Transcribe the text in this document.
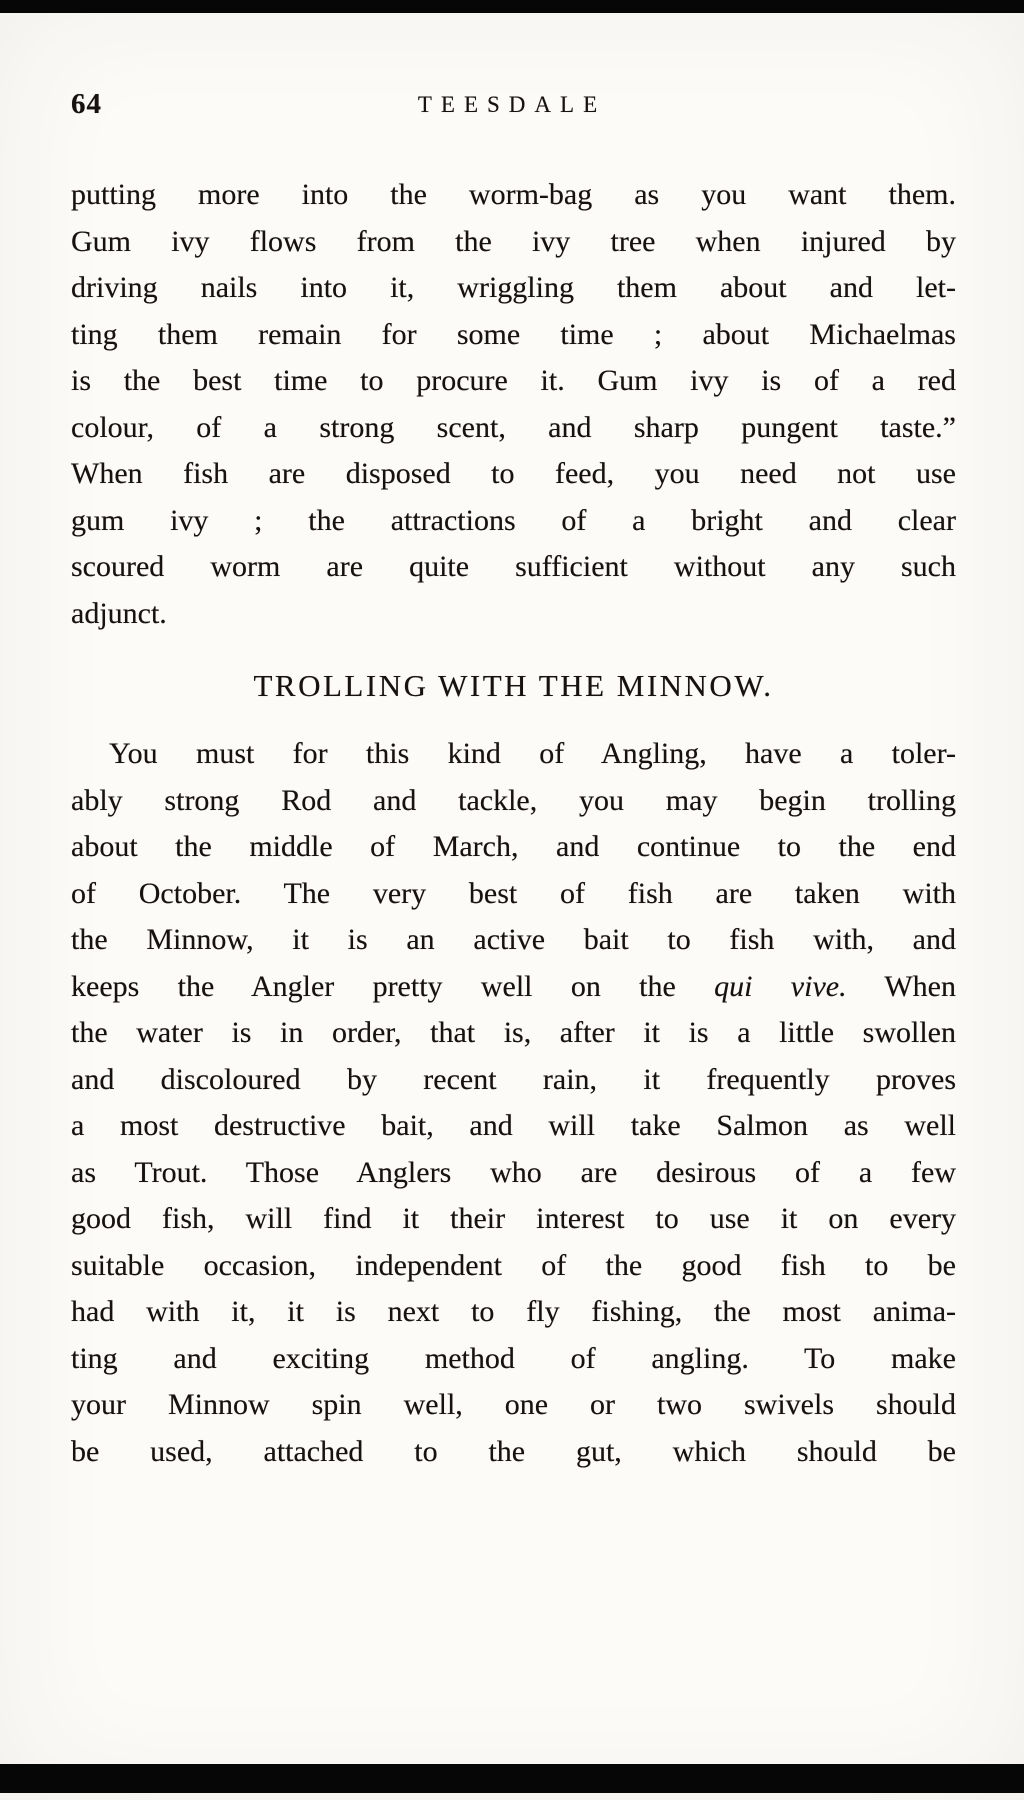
64	TEESDALE
putting more into the worm-bag as you want them.
Gum ivy flows from the ivy tree when injured by
driving nails into it, wriggling them about and let-
ting them remain for some time ; about Michaelmas
is the best time to procure it. Gum ivy is of a red
colour, of a strong scent, and sharp pungent taste.”
When fish are disposed to feed, you need not use
gum ivy ; the attractions of a bright and clear
scoured worm are quite sufficient without any such
adjunct.
TROLLING WITH THE MINNOW.
You must for this kind of Angling, have a toler-
ably strong Rod and tackle, you may begin trolling
about the middle of March, and continue to the end
of October. The very best of fish are taken with
the Minnow, it is an active bait to fish with, and
keeps the Angler pretty well on the qui vive. When
the water is in order, that is, after it is a little swollen
and discoloured by recent rain, it frequently proves
a most destructive bait, and will take Salmon as well
as Trout. Those Anglers who are desirous of a few
good fish, will find it their interest to use it on every
suitable occasion, independent of the good fish to be
had with it, it is next to fly fishing, the most anima-
ting and exciting method of angling. To make
your Minnow spin well, one or two swivels should
be used, attached to the gut, which should be
